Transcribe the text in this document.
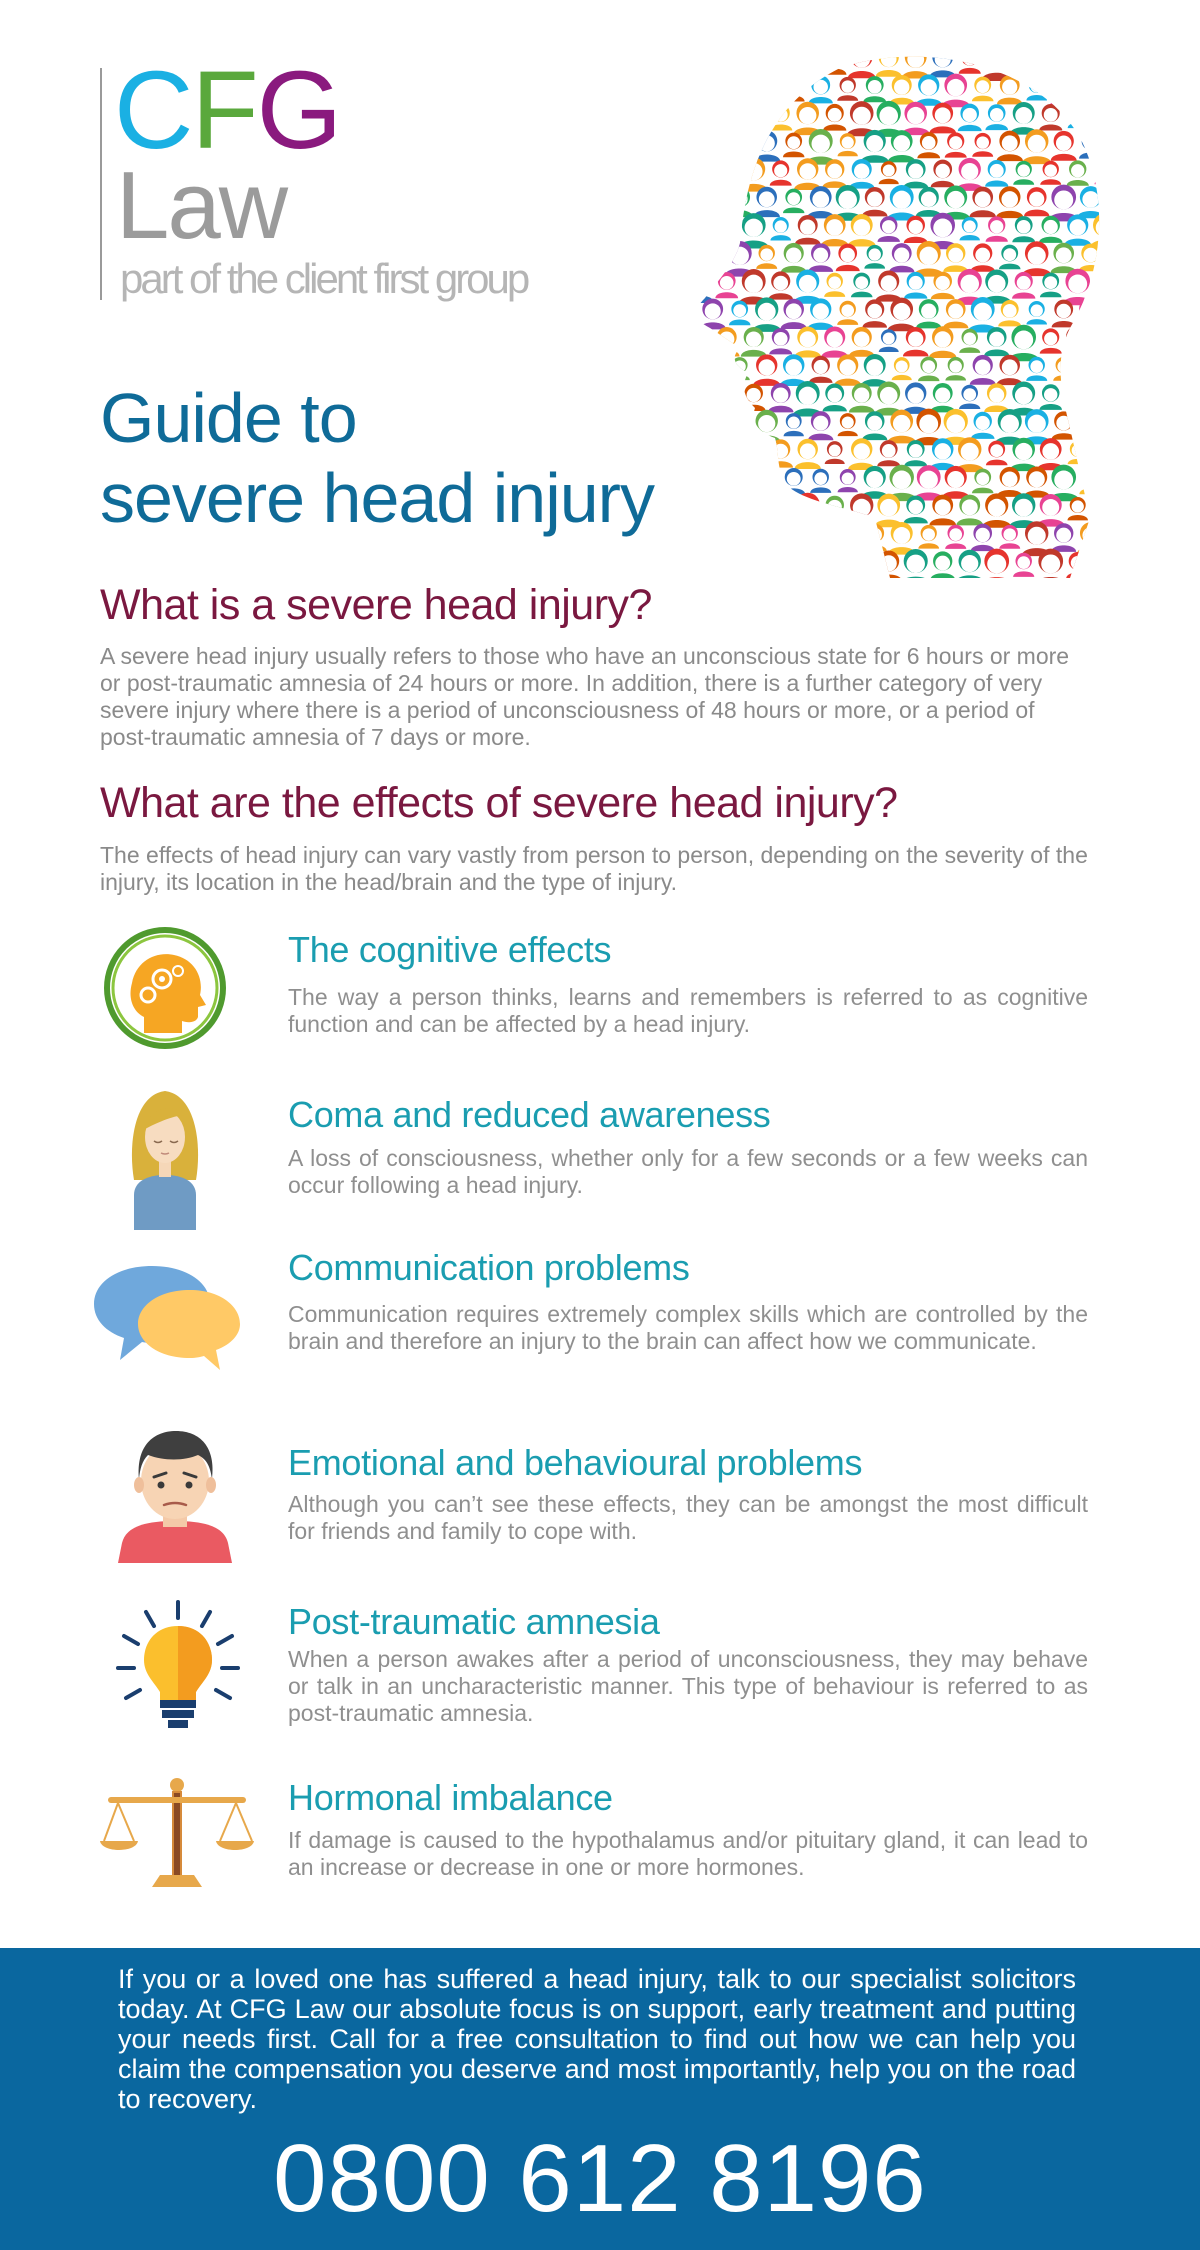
CFG
Law
part of the client first group
Guide to
severe head injury
What is a severe head injury?
A severe head injury usually refers to those who have an unconscious state for 6 hours or more or post-traumatic amnesia of 24 hours or more. In addition, there is a further category of very severe injury where there is a period of unconsciousness of 48 hours or more, or a period of post-traumatic amnesia of 7 days or more.
What are the effects of severe head injury?
The effects of head injury can vary vastly from person to person, depending on the severity of the injury, its location in the head/brain and the type of injury.
The cognitive effects
The way a person thinks, learns and remembers is referred to as cognitive function and can be affected by a head injury.
Coma and reduced awareness
A loss of consciousness, whether only for a few seconds or a few weeks can occur following a head injury.
Communication problems
Communication requires extremely complex skills which are controlled by the brain and therefore an injury to the brain can affect how we communicate.
Emotional and behavioural problems
Although you can’t see these effects, they can be amongst the most difficult for friends and family to cope with.
Post-traumatic amnesia
When a person awakes after a period of unconsciousness, they may behave or talk in an uncharacteristic manner. This type of behaviour is referred to as post-traumatic amnesia.
Hormonal imbalance
If damage is caused to the hypothalamus and/or pituitary gland, it can lead to an increase or decrease in one or more hormones.
If you or a loved one has suffered a head injury, talk to our specialist solicitors today. At CFG Law our absolute focus is on support, early treatment and putting your needs first. Call for a free consultation to find out how we can help you claim the compensation you deserve and most importantly, help you on the road to recovery.
0800 612 8196
